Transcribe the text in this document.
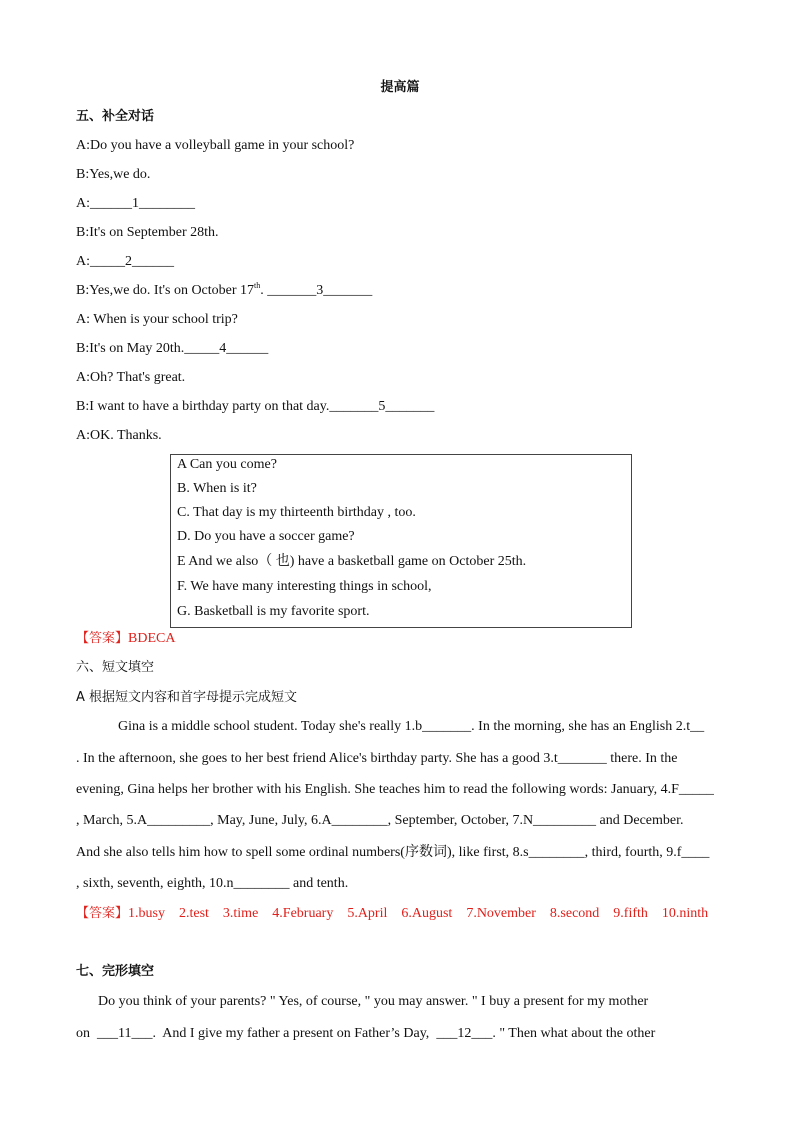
提高篇
五、补全对话
A:Do you have a volleyball game in your school?
B:Yes,we do.
A:______1________
B:It's on September 28th.
A:_____2______
B:Yes,we do. It's on October 17th. _______3_______
A: When is your school trip?
B:It's on May 20th._____4______
A:Oh? That's great.
B:I want to have a birthday party on that day._______5_______
A:OK. Thanks.
A Can you come?
B. When is it?
C. That day is my thirteenth birthday , too.
D. Do you have a soccer game?
E And we also（ 也) have a basketball game on October 25th.
F. We have many interesting things in school,
G. Basketball is my favorite sport.
【答案】BDECA
六、短文填空
A 根据短文内容和首字母提示完成短文
Gina is a middle school student. Today she's really 1.b_______. In the morning, she has an English 2.t__
. In the afternoon, she goes to her best friend Alice's birthday party. She has a good 3.t_______ there. In the
evening, Gina helps her brother with his English. She teaches him to read the following words: January, 4.F_____
, March, 5.A_________, May, June, July, 6.A________, September, October, 7.N_________ and December.
And she also tells him how to spell some ordinal numbers(序数词), like first, 8.s________, third, fourth, 9.f____
, sixth, seventh, eighth, 10.n________ and tenth.
【答案】1.busy    2.test    3.time    4.February    5.April    6.August    7.November    8.second    9.fifth    10.ninth
七、完形填空
Do you think of your parents? " Yes, of course, " you may answer. " I buy a present for my mother
on  ___11___.  And I give my father a present on Father’s Day,  ___12___. " Then what about the other
